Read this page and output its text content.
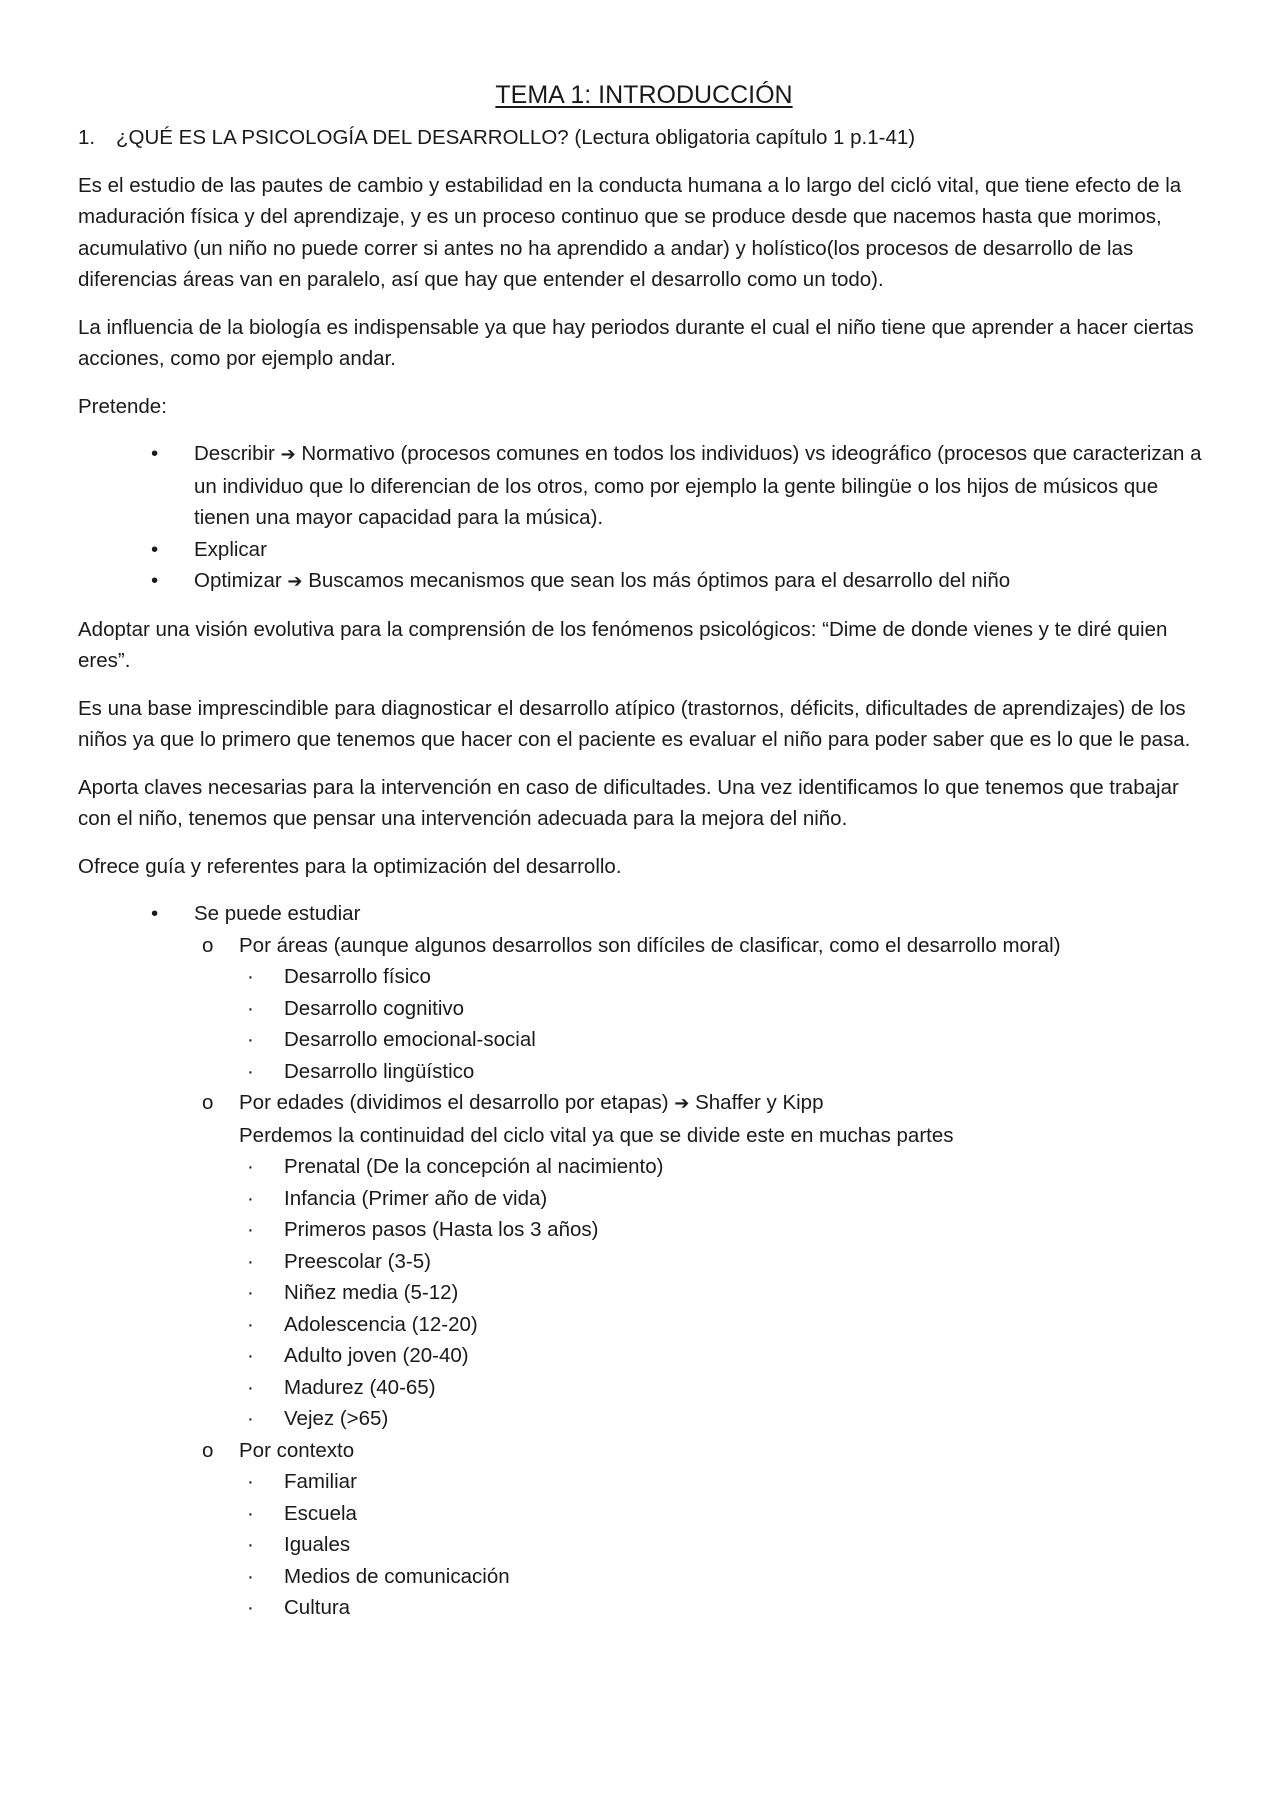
TEMA 1: INTRODUCCIÓN
1.	¿QUÉ ES LA PSICOLOGÍA DEL DESARROLLO? (Lectura obligatoria capítulo 1 p.1-41)

Es el estudio de las pautes de cambio y estabilidad en la conducta humana a lo largo del cicló vital, que tiene efecto de la maduración física y del aprendizaje, y es un proceso continuo que se produce desde que nacemos hasta que morimos, acumulativo (un niño no puede correr si antes no ha aprendido a andar) y holístico(los procesos de desarrollo de las diferencias áreas van en paralelo, así que hay que entender el desarrollo como un todo).

La influencia de la biología es indispensable ya que hay periodos durante el cual el niño tiene que aprender a hacer ciertas acciones, como por ejemplo andar.

Pretende:

• Describir ➔ Normativo (procesos comunes en todos los individuos) vs ideográfico (procesos que caracterizan a un individuo que lo diferencian de los otros, como por ejemplo la gente bilingüe o los hijos de músicos que tienen una mayor capacidad para la música).
• Explicar
• Optimizar ➔ Buscamos mecanismos que sean los más óptimos para el desarrollo del niño

Adoptar una visión evolutiva para la comprensión de los fenómenos psicológicos: “Dime de donde vienes y te diré quien eres”.

Es una base imprescindible para diagnosticar el desarrollo atípico (trastornos, déficits, dificultades de aprendizajes) de los niños ya que lo primero que tenemos que hacer con el paciente es evaluar el niño para poder saber que es lo que le pasa.

Aporta claves necesarias para la intervención en caso de dificultades. Una vez identificamos lo que tenemos que trabajar con el niño, tenemos que pensar una intervención adecuada para la mejora del niño.

Ofrece guía y referentes para la optimización del desarrollo.

• Se puede estudiar
o Por áreas (aunque algunos desarrollos son difíciles de clasificar, como el desarrollo moral)
· Desarrollo físico
· Desarrollo cognitivo
· Desarrollo emocional-social
· Desarrollo lingüístico
o Por edades (dividimos el desarrollo por etapas) ➔ Shaffer y Kipp
Perdemos la continuidad del ciclo vital ya que se divide este en muchas partes
· Prenatal (De la concepción al nacimiento)
· Infancia (Primer año de vida)
· Primeros pasos (Hasta los 3 años)
· Preescolar (3-5)
· Niñez media (5-12)
· Adolescencia (12-20)
· Adulto joven (20-40)
· Madurez (40-65)
· Vejez (>65)
o Por contexto
· Familiar
· Escuela
· Iguales
· Medios de comunicación
· Cultura
